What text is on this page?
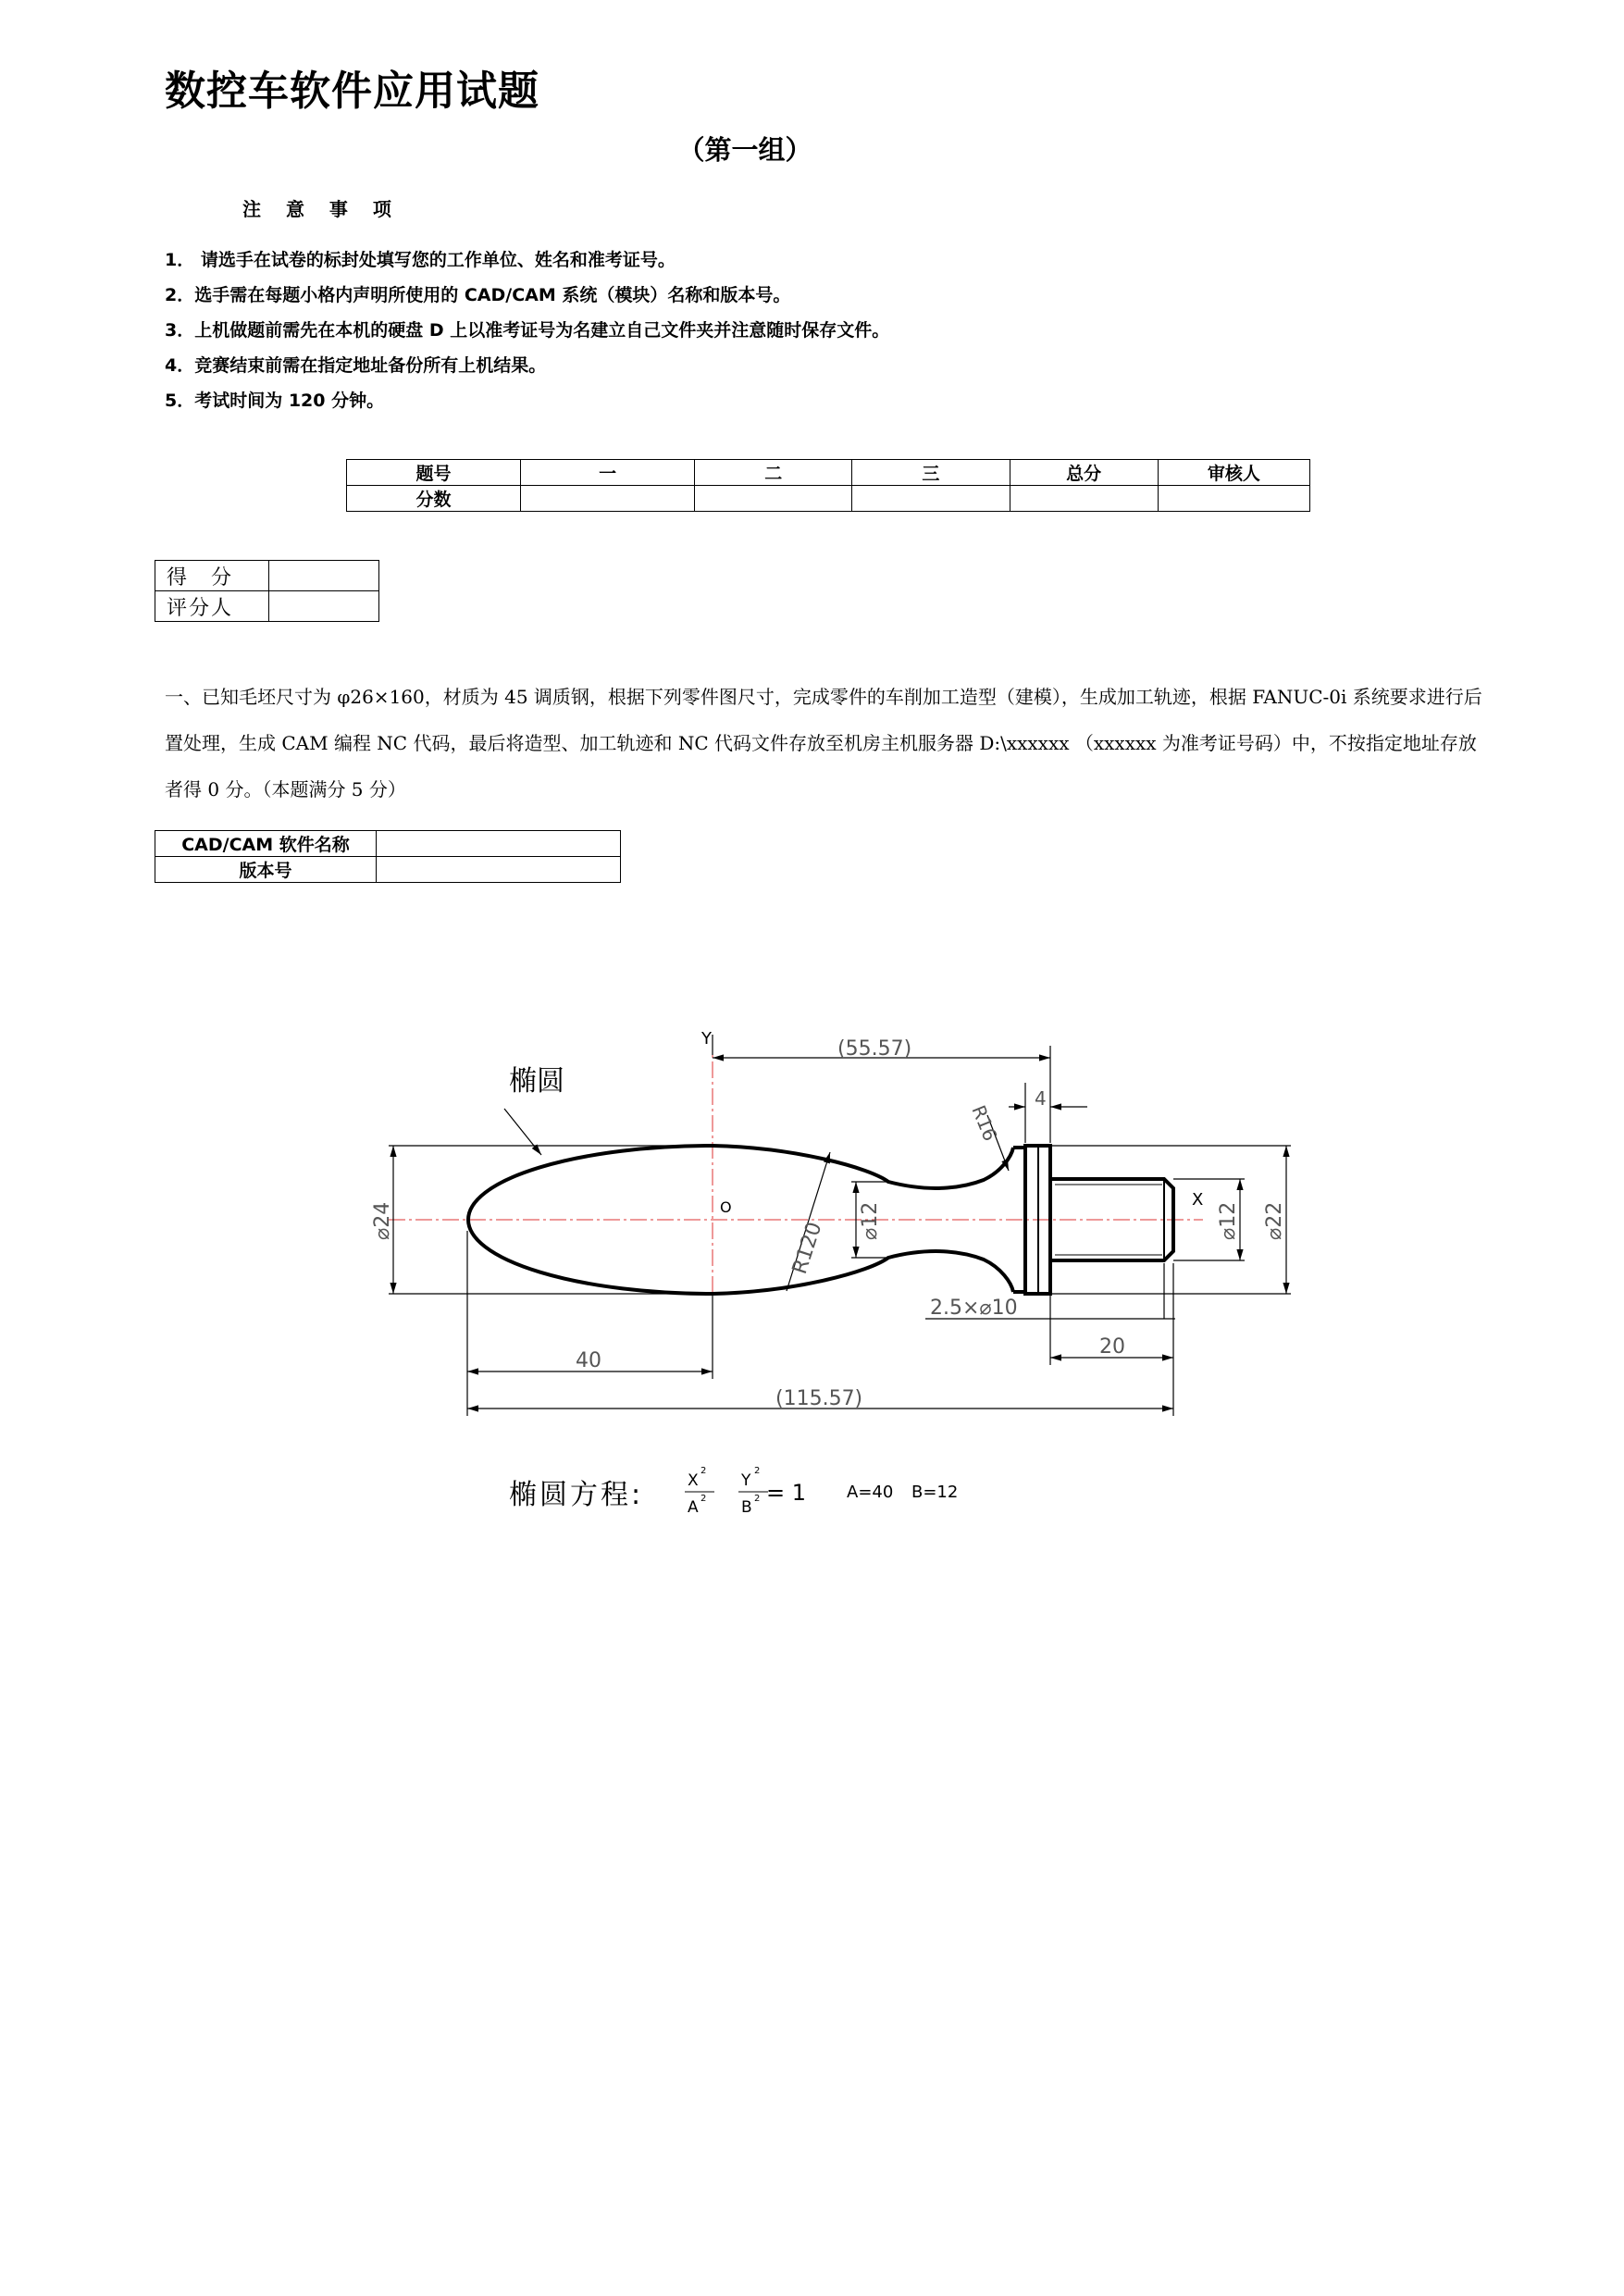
数控车软件应用试题
（第一组）
注 意 事 项
1． 请选手在试卷的标封处填写您的工作单位、姓名和准考证号。
2．选手需在每题小格内声明所使用的 CAD/CAM 系统（模块）名称和版本号。
3．上机做题前需先在本机的硬盘 D 上以准考证号为名建立自己文件夹并注意随时保存文件。
4．竞赛结束前需在指定地址备份所有上机结果。
5．考试时间为 120 分钟。
题号	一	二	三	总分	审核人
分数					
得　分	
评分人	
一、已知毛坯尺寸为 φ26×160，材质为 45 调质钢，根据下列零件图尺寸，完成零件的车削加工造型（建模），生成加工轨迹，根据 FANUC-0i 系统要求进行后置处理，生成 CAM 编程 NC 代码，最后将造型、加工轨迹和 NC 代码文件存放至机房主机服务器 D:\xxxxxx （xxxxxx 为准考证号码）中，不按指定地址存放者得 0 分。（本题满分 5 分）
CAD/CAM 软件名称	
版本号	
椭圆
Y
X
O
(55.57)
4
R16
⌀24	⌀12
R120	⌀12 ⌀22
2.5×⌀10
20
40
(115.57)
椭圆方程:	X
2
A 2
Y
2
B 2 = 1 A=40 B=12
